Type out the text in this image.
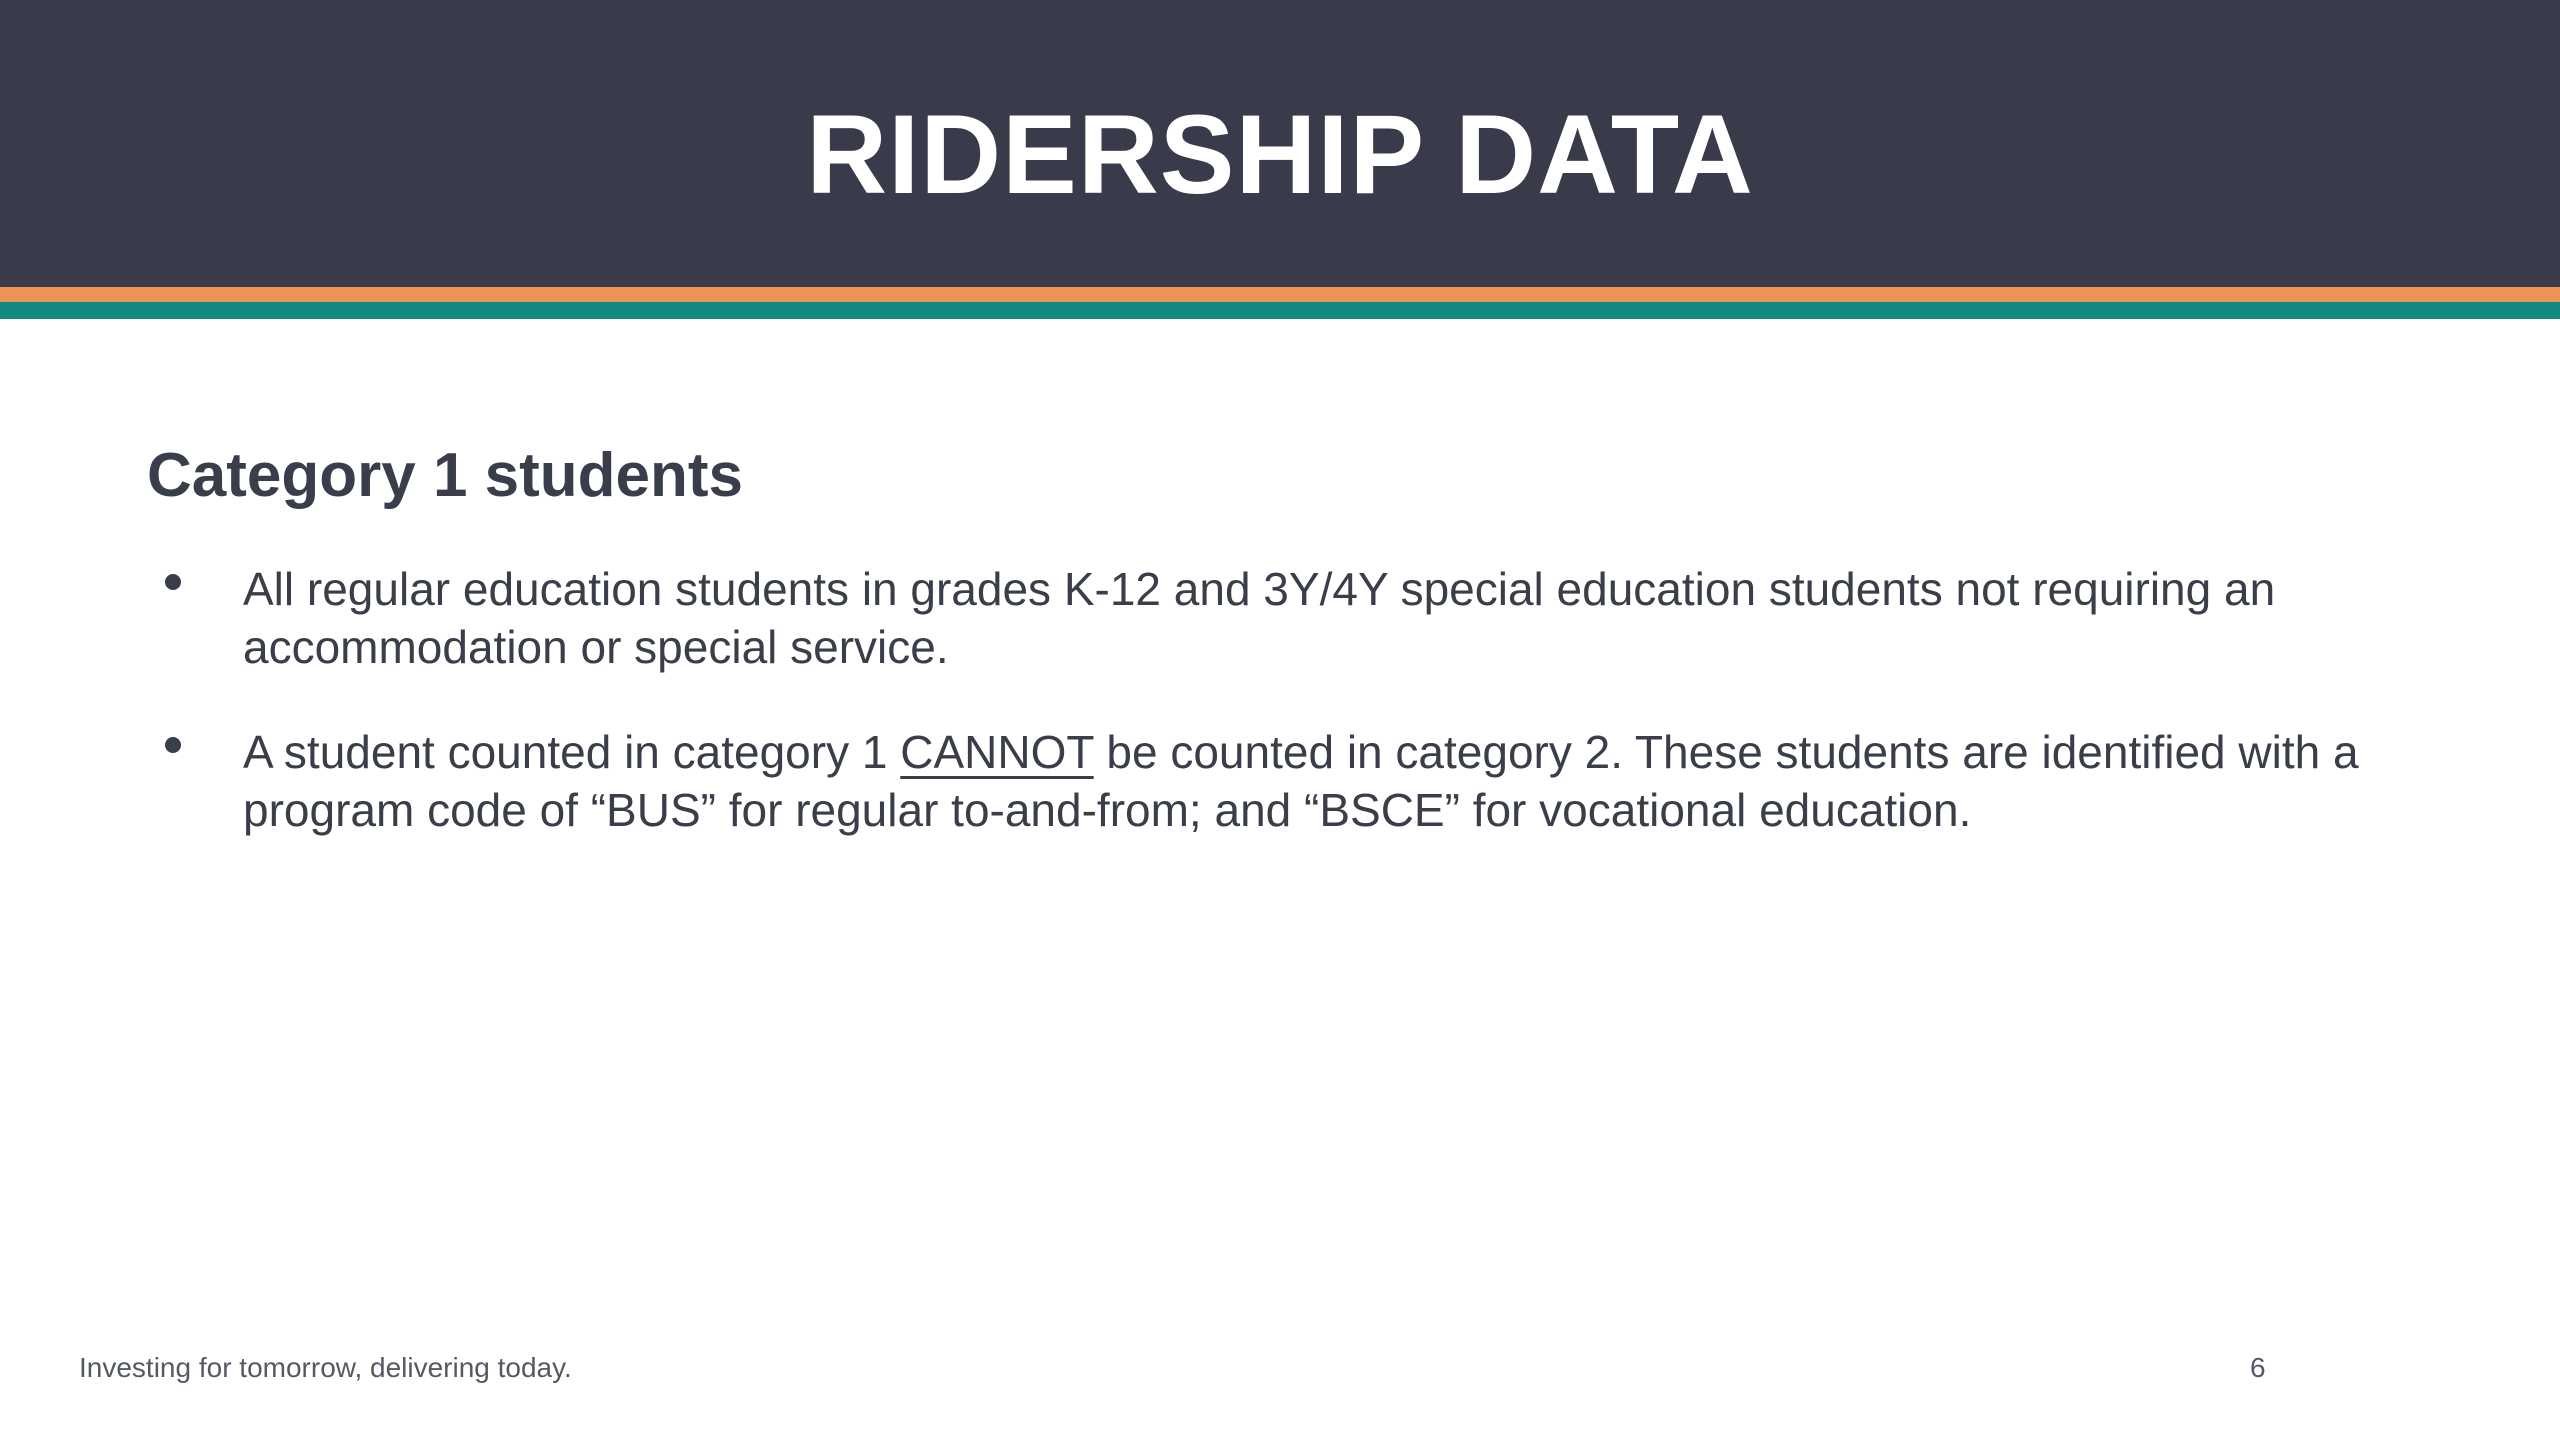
RIDERSHIP DATA
Category 1 students
All regular education students in grades K-12 and 3Y/4Y special education students not requiring an accommodation or special service.
A student counted in category 1 CANNOT be counted in category 2. These students are identified with a program code of “BUS” for regular to-and-from; and “BSCE” for vocational education.
Investing for tomorrow, delivering today.	6
